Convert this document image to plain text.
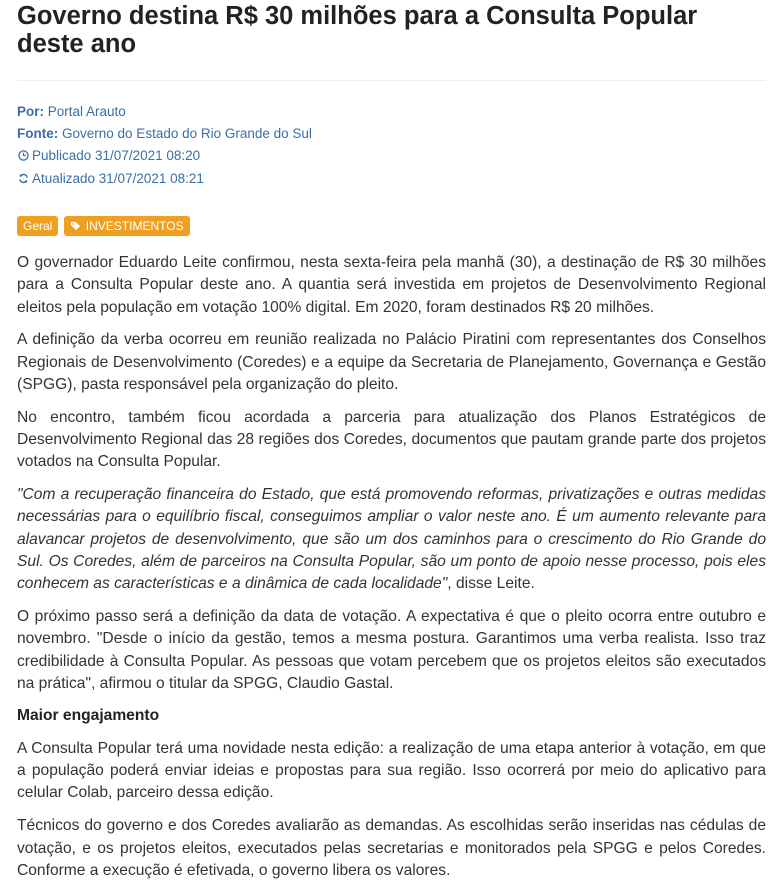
Governo destina R$ 30 milhões para a Consulta Popular deste ano
Por: Portal Arauto
Fonte: Governo do Estado do Rio Grande do Sul
Publicado 31/07/2021 08:20
Atualizado 31/07/2021 08:21
Geral	INVESTIMENTOS

O governador Eduardo Leite confirmou, nesta sexta-feira pela manhã (30), a destinação de R$ 30 milhões para a Consulta Popular deste ano. A quantia será investida em projetos de Desenvolvimento Regional eleitos pela população em votação 100% digital. Em 2020, foram destinados R$ 20 milhões.

A definição da verba ocorreu em reunião realizada no Palácio Piratini com representantes dos Conselhos Regionais de Desenvolvimento (Coredes) e a equipe da Secretaria de Planejamento, Governança e Gestão (SPGG), pasta responsável pela organização do pleito.

No encontro, também ficou acordada a parceria para atualização dos Planos Estratégicos de Desenvolvimento Regional das 28 regiões dos Coredes, documentos que pautam grande parte dos projetos votados na Consulta Popular.

"Com a recuperação financeira do Estado, que está promovendo reformas, privatizações e outras medidas necessárias para o equilíbrio fiscal, conseguimos ampliar o valor neste ano. É um aumento relevante para alavancar projetos de desenvolvimento, que são um dos caminhos para o crescimento do Rio Grande do Sul. Os Coredes, além de parceiros na Consulta Popular, são um ponto de apoio nesse processo, pois eles conhecem as características e a dinâmica de cada localidade", disse Leite.

O próximo passo será a definição da data de votação. A expectativa é que o pleito ocorra entre outubro e novembro. "Desde o início da gestão, temos a mesma postura. Garantimos uma verba realista. Isso traz credibilidade à Consulta Popular. As pessoas que votam percebem que os projetos eleitos são executados na prática", afirmou o titular da SPGG, Claudio Gastal.

Maior engajamento

A Consulta Popular terá uma novidade nesta edição: a realização de uma etapa anterior à votação, em que a população poderá enviar ideias e propostas para sua região. Isso ocorrerá por meio do aplicativo para celular Colab, parceiro dessa edição.

Técnicos do governo e dos Coredes avaliarão as demandas. As escolhidas serão inseridas nas cédulas de votação, e os projetos eleitos, executados pelas secretarias e monitorados pela SPGG e pelos Coredes. Conforme a execução é efetivada, o governo libera os valores.
